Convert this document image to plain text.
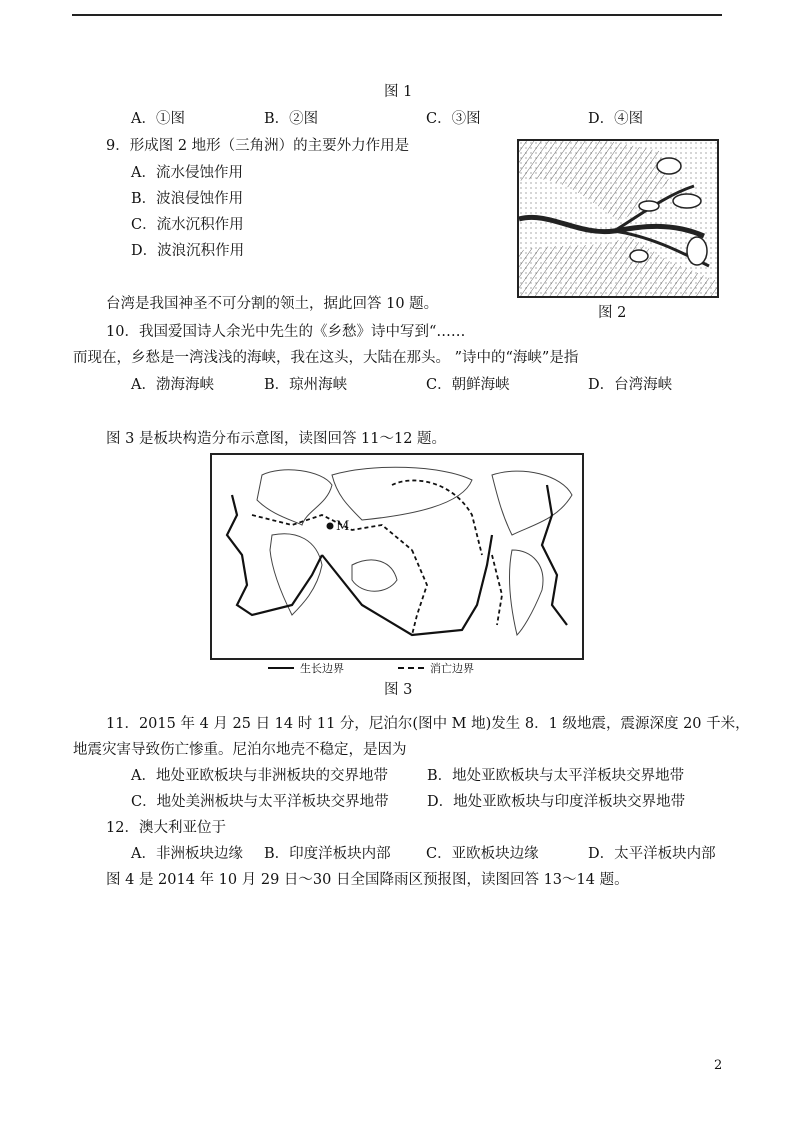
图 1
A．①图	B．②图	C．③图	D．④图
9．形成图 2 地形（三角洲）的主要外力作用是
A．流水侵蚀作用
B．波浪侵蚀作用
C．流水沉积作用
D．波浪沉积作用
台湾是我国神圣不可分割的领土，据此回答 10 题。
图 2
10．我国爱国诗人余光中先生的《乡愁》诗中写到“……
而现在，乡愁是一湾浅浅的海峡，我在这头，大陆在那头。 ”诗中的“海峡”是指
A．渤海海峡	B．琼州海峡	C．朝鲜海峡	D．台湾海峡
图 3 是板块构造分布示意图，读图回答 11～12 题。
M
生长边界	消亡边界
图 3
11．2015 年 4 月 25 日 14 时 11 分，尼泊尔(图中 M 地)发生 8．1 级地震，震源深度 20 千米，
地震灾害导致伤亡惨重。尼泊尔地壳不稳定，是因为
A．地处亚欧板块与非洲板块的交界地带	B．地处亚欧板块与太平洋板块交界地带
C．地处美洲板块与太平洋板块交界地带	D．地处亚欧板块与印度洋板块交界地带
12．澳大利亚位于
A．非洲板块边缘 B．印度洋板块内部 C．亚欧板块边缘	D．太平洋板块内部
图 4 是 2014 年 10 月 29 日～30 日全国降雨区预报图，读图回答 13～14 题。
2
